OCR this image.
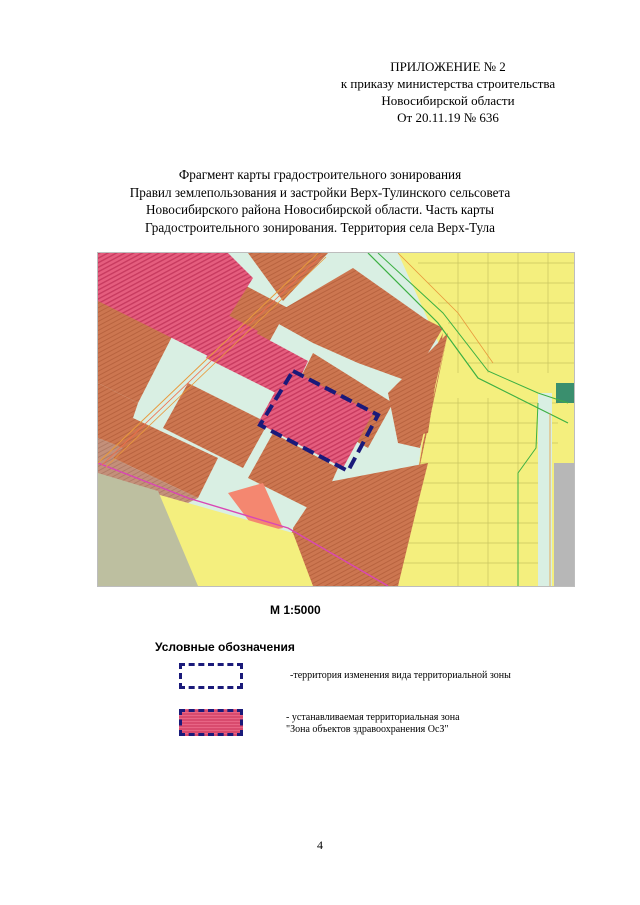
ПРИЛОЖЕНИЕ № 2
к приказу министерства строительства
Новосибирской области
От 20.11.19 № 636
Фрагмент карты градостроительного зонирования
Правил землепользования и застройки Верх-Тулинского сельсовета
Новосибирского района Новосибирской области. Часть карты
Градостроительного зонирования. Территория села Верх-Тула
М 1:5000
Условные обозначения
-территория изменения вида территориальной зоны
- устанавливаемая территориальная зона
"Зона объектов здравоохранения ОсЗ"
4
